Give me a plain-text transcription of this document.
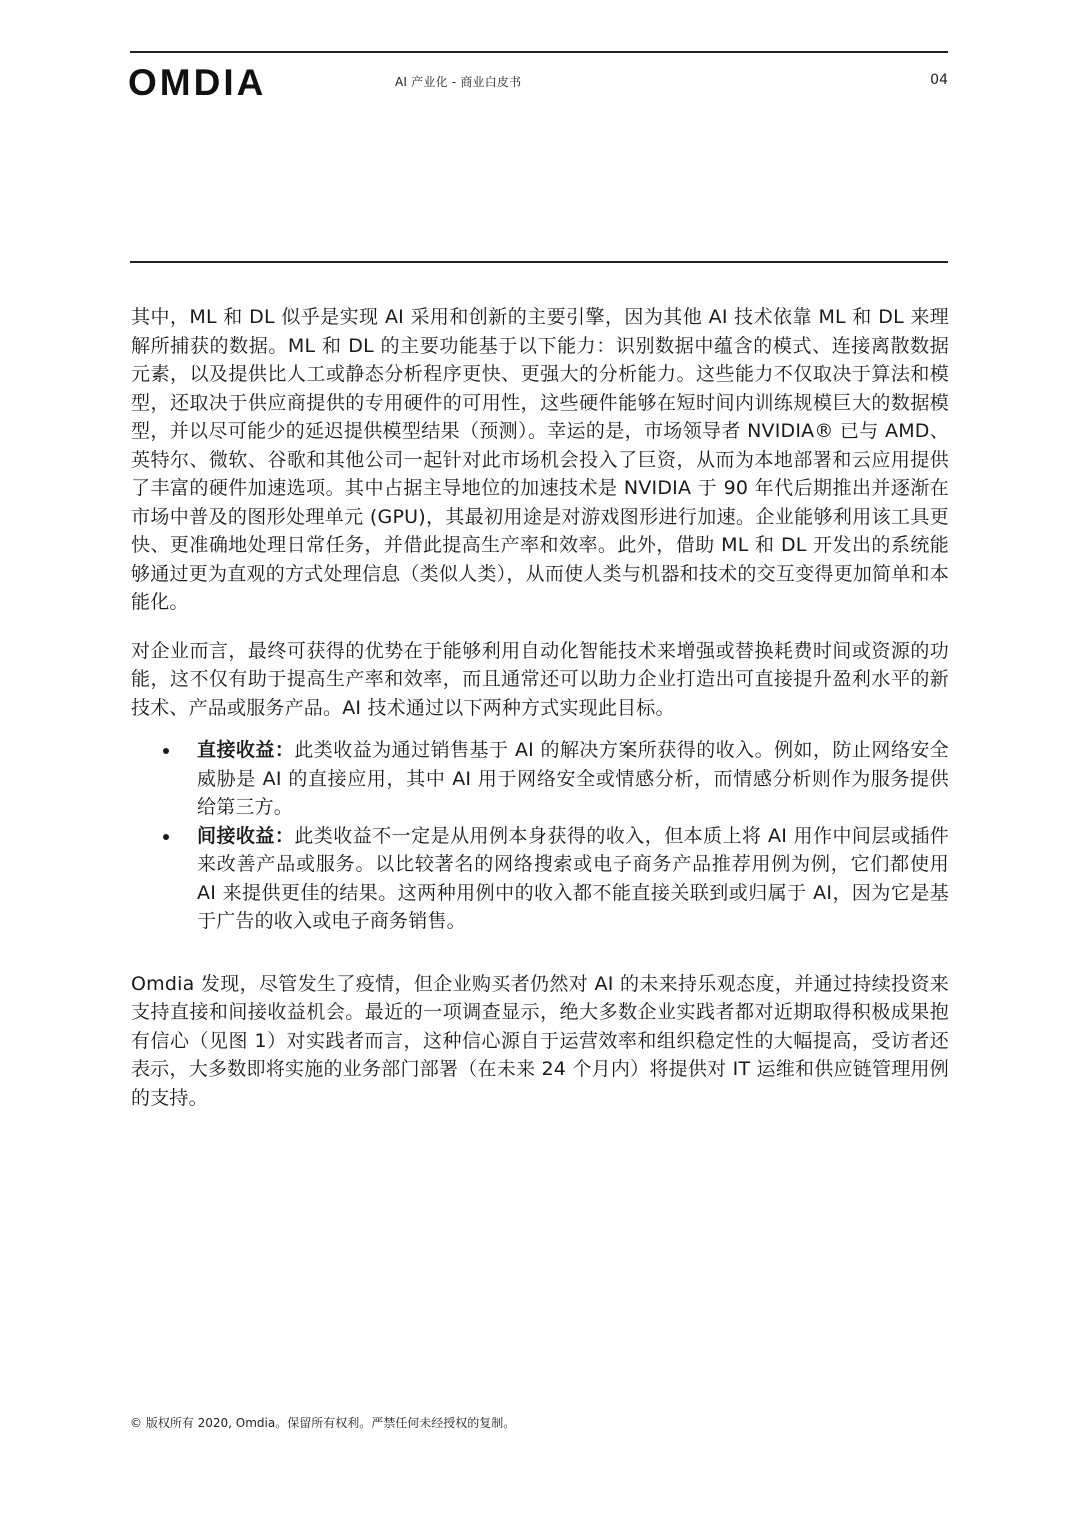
OMDIA	AI 产业化 - 商业白皮书	04

其中，ML 和 DL 似乎是实现 AI 采用和创新的主要引擎，因为其他 AI 技术依靠 ML 和 DL 来理解所捕获的数据。ML 和 DL 的主要功能基于以下能力：识别数据中蕴含的模式、连接离散数据元素，以及提供比人工或静态分析程序更快、更强大的分析能力。这些能力不仅取决于算法和模型，还取决于供应商提供的专用硬件的可用性，这些硬件能够在短时间内训练规模巨大的数据模型，并以尽可能少的延迟提供模型结果（预测）。幸运的是，市场领导者 NVIDIA® 已与 AMD、英特尔、微软、谷歌和其他公司一起针对此市场机会投入了巨资，从而为本地部署和云应用提供了丰富的硬件加速选项。其中占据主导地位的加速技术是 NVIDIA 于 90 年代后期推出并逐渐在市场中普及的图形处理单元 (GPU)，其最初用途是对游戏图形进行加速。企业能够利用该工具更快、更准确地处理日常任务，并借此提高生产率和效率。此外，借助 ML 和 DL 开发出的系统能够通过更为直观的方式处理信息（类似人类），从而使人类与机器和技术的交互变得更加简单和本能化。

对企业而言，最终可获得的优势在于能够利用自动化智能技术来增强或替换耗费时间或资源的功能，这不仅有助于提高生产率和效率，而且通常还可以助力企业打造出可直接提升盈利水平的新技术、产品或服务产品。AI 技术通过以下两种方式实现此目标。

直接收益：此类收益为通过销售基于 AI 的解决方案所获得的收入。例如，防止网络安全威胁是 AI 的直接应用，其中 AI 用于网络安全或情感分析，而情感分析则作为服务提供给第三方。
间接收益：此类收益不一定是从用例本身获得的收入，但本质上将 AI 用作中间层或插件来改善产品或服务。以比较著名的网络搜索或电子商务产品推荐用例为例，它们都使用 AI 来提供更佳的结果。这两种用例中的收入都不能直接关联到或归属于 AI，因为它是基于广告的收入或电子商务销售。

Omdia 发现，尽管发生了疫情，但企业购买者仍然对 AI 的未来持乐观态度，并通过持续投资来支持直接和间接收益机会。最近的一项调查显示，绝大多数企业实践者都对近期取得积极成果抱有信心（见图 1）对实践者而言，这种信心源自于运营效率和组织稳定性的大幅提高，受访者还表示，大多数即将实施的业务部门部署（在未来 24 个月内）将提供对 IT 运维和供应链管理用例的支持。

© 版权所有 2020, Omdia。保留所有权利。严禁任何未经授权的复制。
